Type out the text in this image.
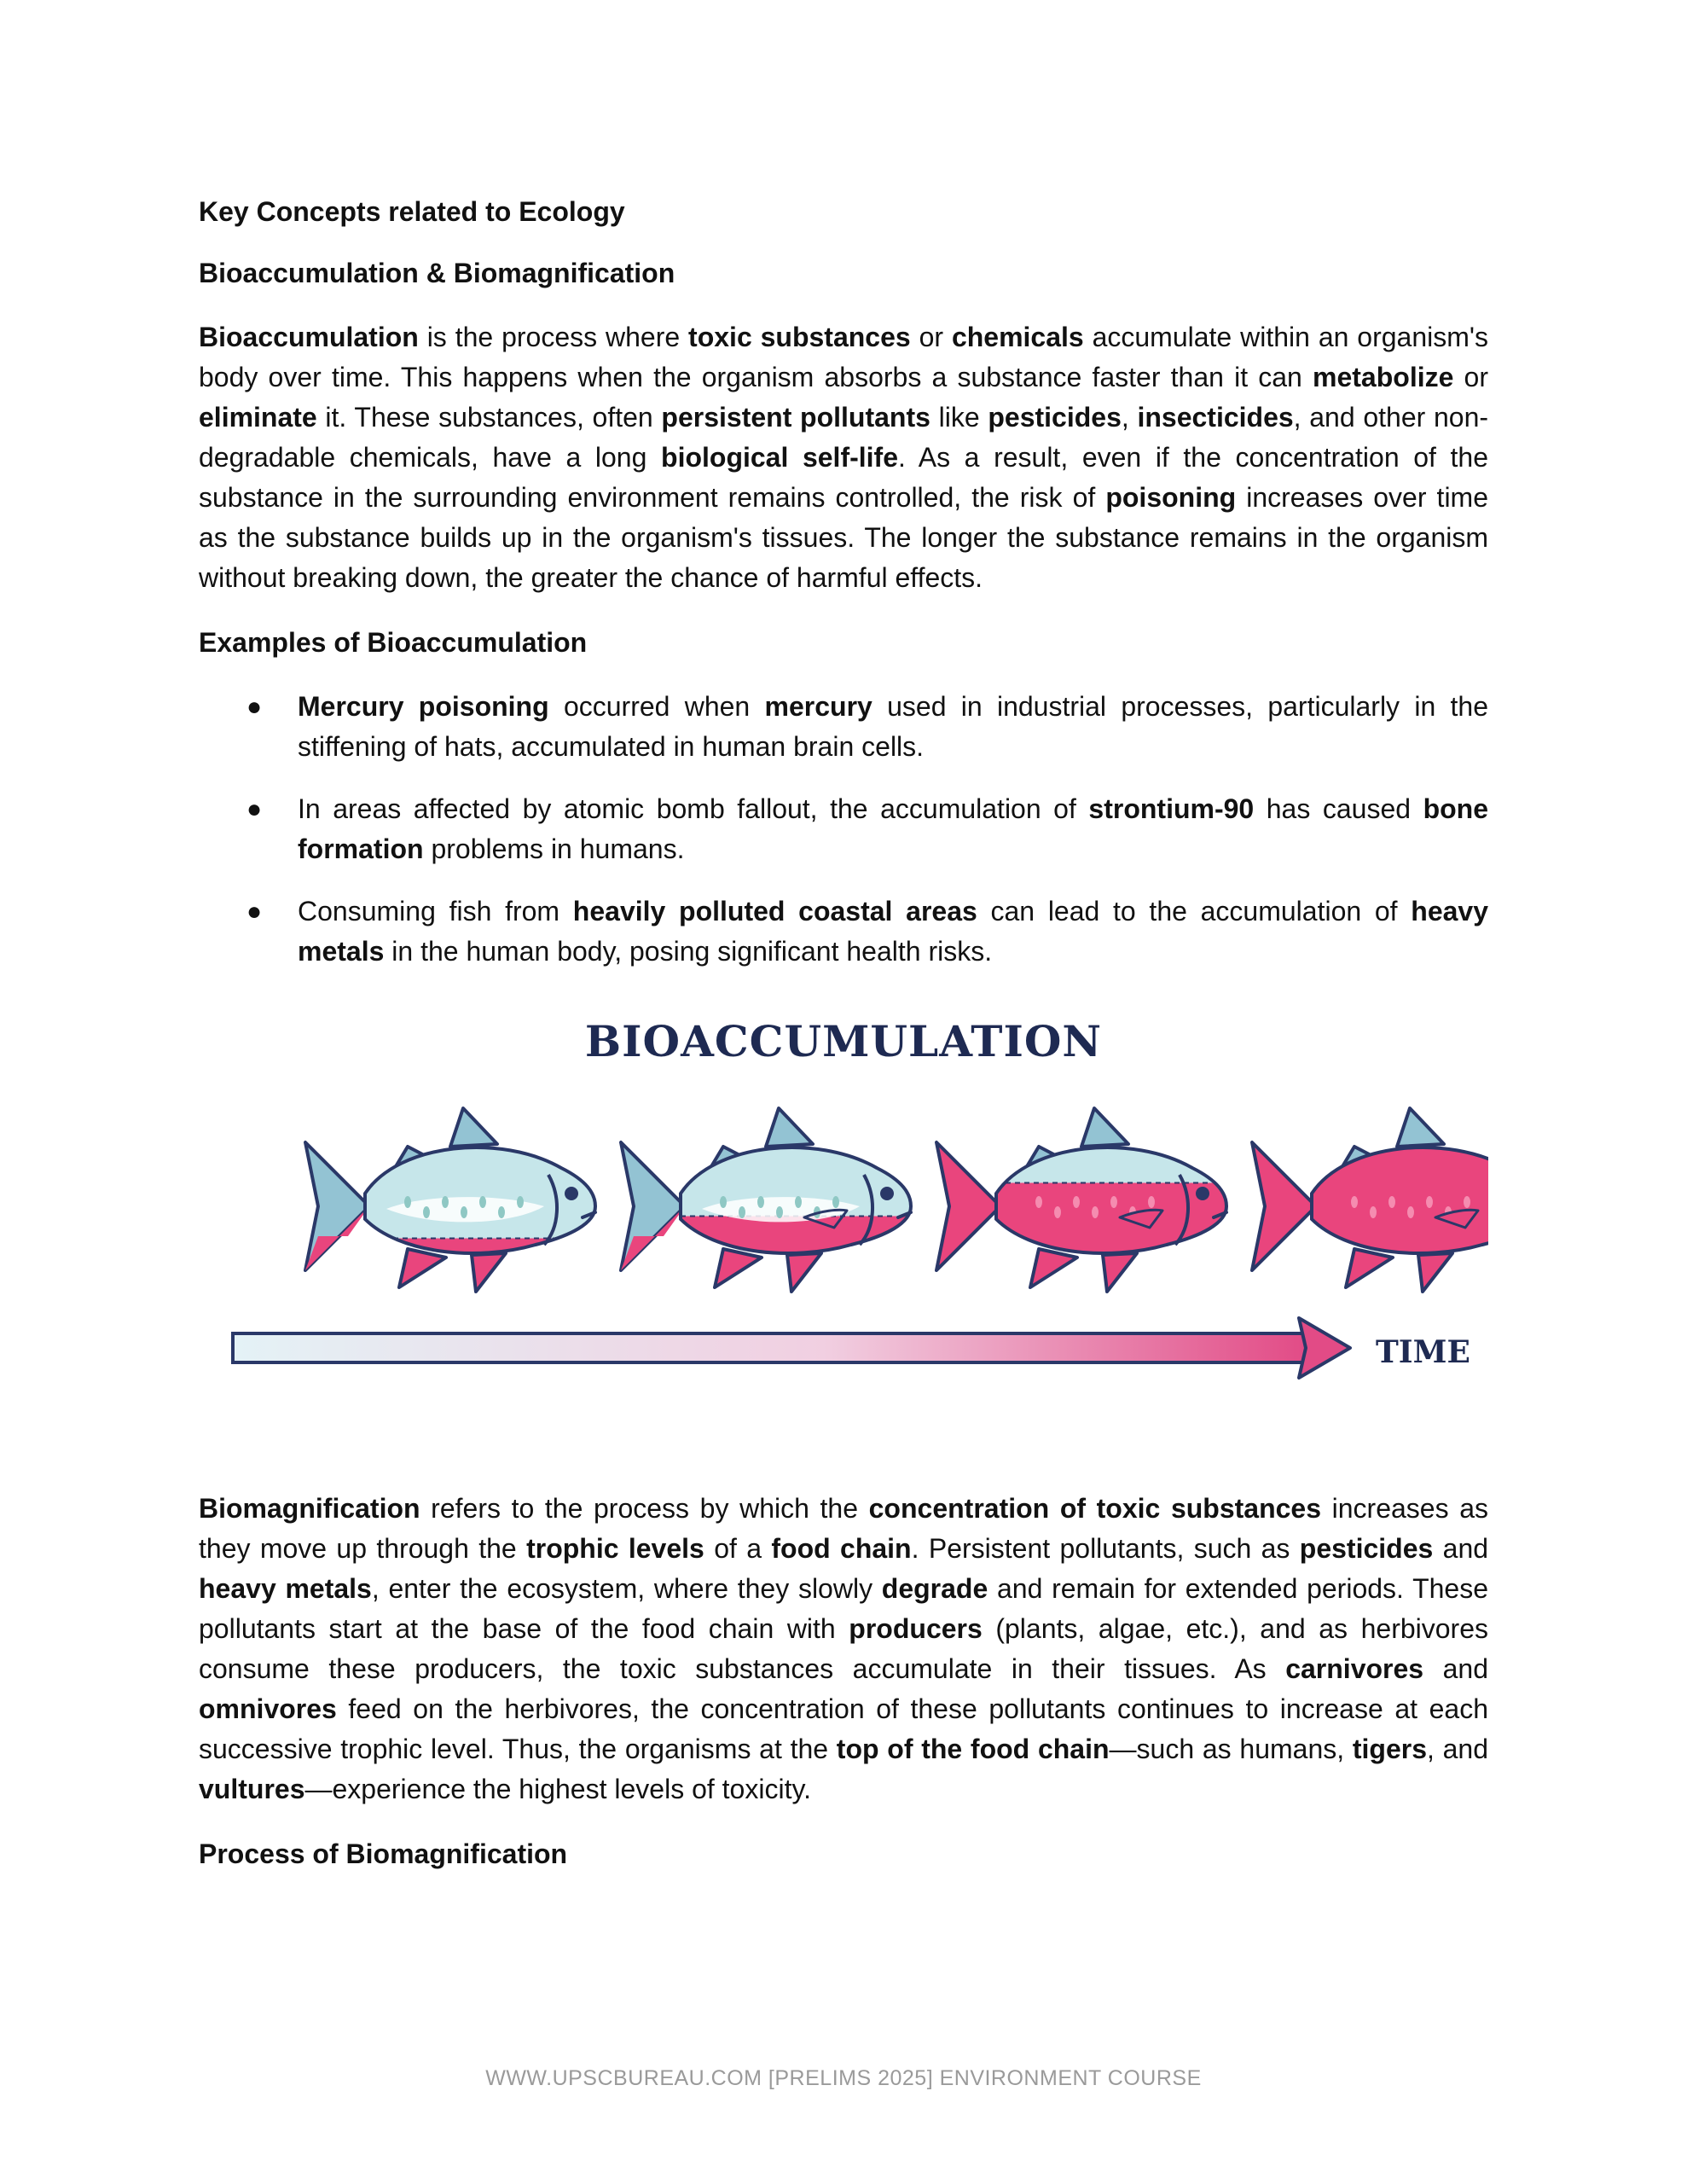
Key Concepts related to Ecology
Bioaccumulation & Biomagnification

Bioaccumulation is the process where toxic substances or chemicals accumulate within an organism's body over time. This happens when the organism absorbs a substance faster than it can metabolize or eliminate it. These substances, often persistent pollutants like pesticides, insecticides, and other non-degradable chemicals, have a long biological self-life. As a result, even if the concentration of the substance in the surrounding environment remains controlled, the risk of poisoning increases over time as the substance builds up in the organism's tissues. The longer the substance remains in the organism without breaking down, the greater the chance of harmful effects.

Examples of Bioaccumulation
● Mercury poisoning occurred when mercury used in industrial processes, particularly in the stiffening of hats, accumulated in human brain cells.
● In areas affected by atomic bomb fallout, the accumulation of strontium-90 has caused bone formation problems in humans.
● Consuming fish from heavily polluted coastal areas can lead to the accumulation of heavy metals in the human body, posing significant health risks.
BIOACCUMULATION
TIME

Biomagnification refers to the process by which the concentration of toxic substances increases as they move up through the trophic levels of a food chain. Persistent pollutants, such as pesticides and heavy metals, enter the ecosystem, where they slowly degrade and remain for extended periods. These pollutants start at the base of the food chain with producers (plants, algae, etc.), and as herbivores consume these producers, the toxic substances accumulate in their tissues. As carnivores and omnivores feed on the herbivores, the concentration of these pollutants continues to increase at each successive trophic level. Thus, the organisms at the top of the food chain—such as humans, tigers, and vultures—experience the highest levels of toxicity.

Process of Biomagnification
WWW.UPSCBUREAU.COM [PRELIMS 2025] ENVIRONMENT COURSE
